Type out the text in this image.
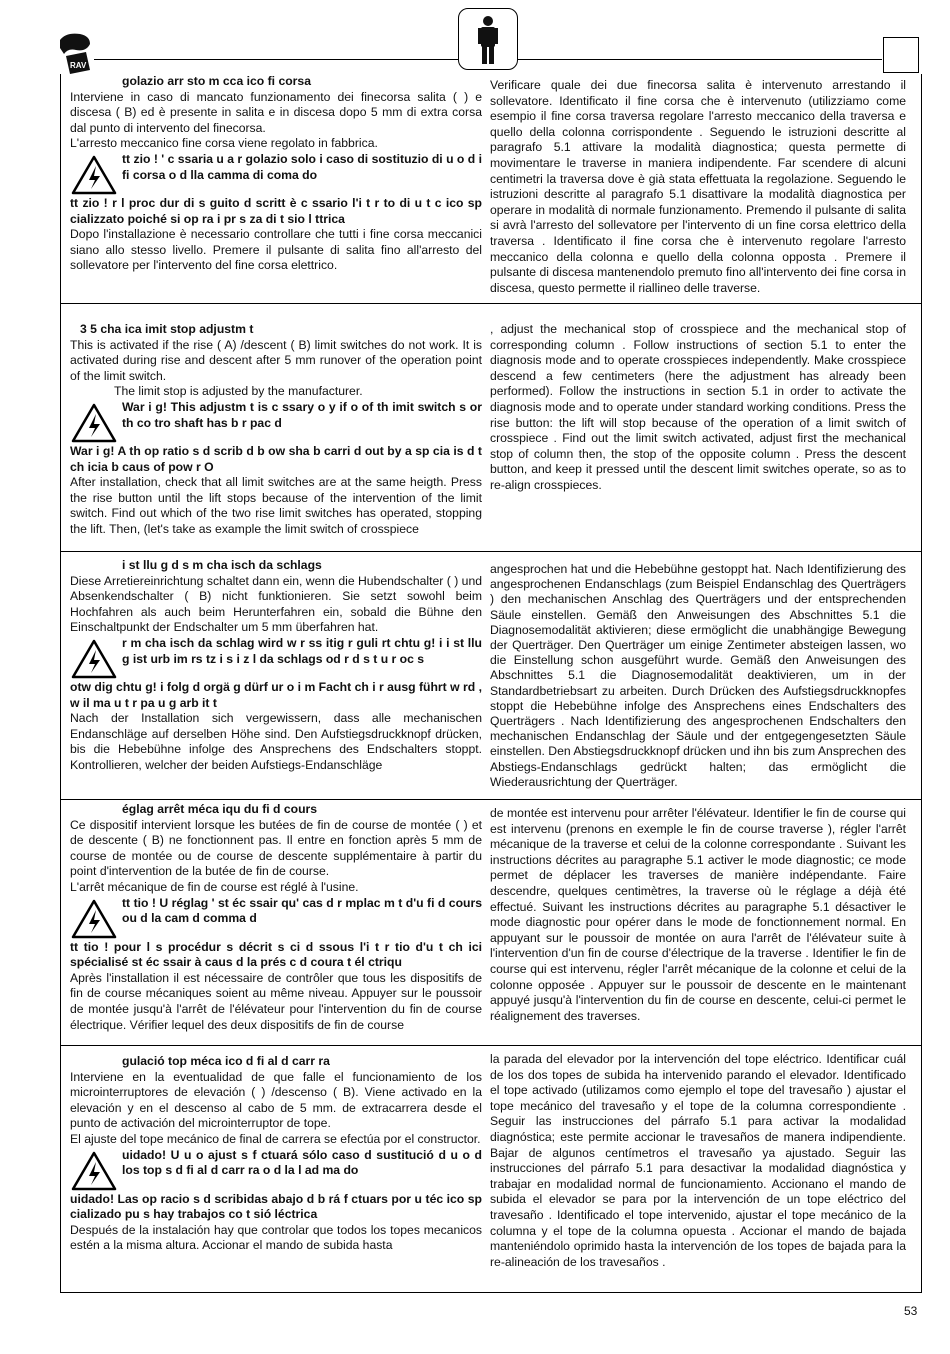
RAV

golazio arr sto m cca ico fi corsa

Interviene in caso di mancato funzionamento dei finecorsa salita ( ) e discesa ( B) ed è presente in salita e in discesa dopo 5 mm di extra corsa dal punto di intervento del finecorsa.

L'arresto meccanico fine corsa viene regolato in fabbrica.

tt zio ! ' c ssaria u a r golazio solo i caso di sostituzio di u o d i fi corsa o d lla camma di coma do

tt zio ! r l proc dur di s guito d scritt è c ssario l'i t r to di u t c ico sp cializzato poiché si op ra i pr s za di t sio l ttrica

Dopo l'installazione è necessario controllare che tutti i fine corsa meccanici siano allo stesso livello. Premere il pulsante di salita fino all'arresto del sollevatore per l'intervento del fine corsa elettrico.

Verificare quale dei due finecorsa salita è intervenuto arrestando il sollevatore. Identificato il fine corsa che è intervenuto (utilizziamo come esempio il fine corsa traversa regolare l'arresto meccanico della traversa e quello della colonna corrispondente . Seguendo le istruzioni descritte al paragrafo 5.1 attivare la modalità diagnostica; questa permette di movimentare le traverse in maniera indipendente. Far scendere di alcuni centimetri la traversa dove è già stata effettuata la regolazione. Seguendo le istruzioni descritte al paragrafo 5.1 disattivare la modalità diagnostica per operare in modalità di normale funzionamento. Premendo il pulsante di salita si avrà l'arresto del sollevatore per l'intervento di un fine corsa elettrico della traversa . Identificato il fine corsa che è intervenuto regolare l'arresto meccanico della colonna e quello della colonna opposta . Premere il pulsante di discesa mantenendolo premuto fino all'intervento dei fine corsa in discesa, questo permette il riallineo delle traverse.

3 5 cha ica imit stop adjustm t

This is activated if the rise ( A) /descent ( B) limit switches do not work. It is activated during rise and descent after 5 mm runover of the operation point of the limit switch.

The limit stop is adjusted by the manufacturer.

War i g! This adjustm t is c ssary o y if o of th imit switch s or th co tro shaft has b r pac d

War i g! A th op ratio s d scrib d b ow sha b carri d out by a sp cia is d t ch icia b caus of pow r O

After installation, check that all limit switches are at the same heigth. Press the rise button until the lift stops because of the intervention of the limit switch. Find out which of the two rise limit switches has operated, stopping the lift. Then, (let's take as example the limit switch of crosspiece

, adjust the mechanical stop of crosspiece and the mechanical stop of corresponding column . Follow instructions of section 5.1 to enter the diagnosis mode and to operate crosspieces independently. Make crosspiece descend a few centimeters (here the adjustment has already been performed). Follow the instructions in section 5.1 in order to activate the diagnosis mode and to operate under standard working conditions. Press the rise button: the lift will stop because of the operation of a limit switch of crosspiece . Find out the limit switch activated, adjust first the mechanical stop of column then, the stop of the opposite column . Press the descent button, and keep it pressed until the descent limit switches operate, so as to re-align crosspieces.

i st llu g d s m cha isch da schlags

Diese Arretiereinrichtung schaltet dann ein, wenn die Hubendschalter ( ) und Absenkendschalter ( B) nicht funktionieren. Sie setzt sowohl beim Hochfahren als auch beim Herunterfahren ein, sobald die Bühne den Einschaltpunkt der Endschalter um 5 mm überfahren hat.

r m cha isch da schlag wird w r ss itig r guli rt chtu g! i i st llu g ist urb im rs tz i s i z l da schlags od r d s t u r oc s

otw dig chtu g! i folg d orgä g dürf ur o i m Facht ch i r ausg führt w rd , w il ma u t r pa u g arb it t

Nach der Installation sich vergewissern, dass alle mechanischen Endanschläge auf derselben Höhe sind. Den Aufstiegsdruckknopf drücken, bis die Hebebühne infolge des Ansprechens des Endschalters stoppt. Kontrollieren, welcher der beiden Aufstiegs-Endanschläge

angesprochen hat und die Hebebühne gestoppt hat. Nach Identifizierung des angesprochenen Endanschlags (zum Beispiel Endanschlag des Querträgers ) den mechanischen Anschlag des Querträgers und der entsprechenden Säule einstellen. Gemäß den Anweisungen des Abschnittes 5.1 die Diagnosemodalität aktivieren; diese ermöglicht die unabhängige Bewegung der Querträger. Den Querträger um einige Zentimeter absteigen lassen, wo die Einstellung schon ausgeführt wurde. Gemäß den Anweisungen des Abschnittes 5.1 die Diagnosemodalität deaktivieren, um in der Standardbetriebsart zu arbeiten. Durch Drücken des Aufstiegsdruckknopfes stoppt die Hebebühne infolge des Ansprechens eines Endschalters des Querträgers . Nach Identifizierung des angesprochenen Endschalters den mechanischen Endanschlag der Säule und der entgegengesetzten Säule einstellen. Den Abstiegsdruckknopf drücken und ihn bis zum Ansprechen des Abstiegs-Endanschlags gedrückt halten; das ermöglicht die Wiederausrichtung der Querträger.

églag arrêt méca iqu du fi d cours

Ce dispositif intervient lorsque les butées de fin de course de montée ( ) et de descente ( B) ne fonctionnent pas. Il entre en fonction après 5 mm de course de montée ou de course de descente supplémentaire à partir du point d'intervention de la butée de fin de course.

L'arrêt mécanique de fin de course est réglé à l'usine.

tt tio ! U réglag ' st éc ssair qu' cas d r mplac m t d'u fi d cours ou d la cam d comma d

tt tio ! pour l s procédur s décrit s ci d ssous l'i t r tio d'u t ch ici spécialisé st éc ssair à caus d la prés c d coura t él ctriqu

Après l'installation il est nécessaire de contrôler que tous les dispositifs de fin de course mécaniques soient au même niveau. Appuyer sur le poussoir de montée jusqu'à l'arrêt de l'élévateur pour l'intervention du fin de course électrique. Vérifier lequel des deux dispositifs de fin de course

de montée est intervenu pour arrêter l'élévateur. Identifier le fin de course qui est intervenu (prenons en exemple le fin de course traverse ), régler l'arrêt mécanique de la traverse et celui de la colonne correspondante . Suivant les instructions décrites au paragraphe 5.1 activer le mode diagnostic; ce mode permet de déplacer les traverses de manière indépendante. Faire descendre, quelques centimètres, la traverse où le réglage a déjà été effectué. Suivant les instructions décrites au paragraphe 5.1 désactiver le mode diagnostic pour opérer dans le mode de fonctionnement normal. En appuyant sur le poussoir de montée on aura l'arrêt de l'élévateur suite à l'intervention d'un fin de course d'électrique de la traverse . Identifier le fin de course qui est intervenu, régler l'arrêt mécanique de la colonne et celui de la colonne opposée . Appuyer sur le poussoir de descente en le maintenant appuyé jusqu'à l'intervention du fin de course en descente, celui-ci permet le réalignement des traverses.

gulació top méca ico d fi al d carr ra

Interviene en la eventualidad de que falle el funcionamiento de los microinterruptores de elevación ( ) /descenso ( B). Viene activado en la elevación y en el descenso al cabo de 5 mm. de extracarrera desde el punto de activación del microinterruptor de tope.

El ajuste del tope mecánico de final de carrera se efectúa por el constructor.

uidado! U u o ajust s f ctuará sólo caso d sustitució d u o d los top s d fi al d carr ra o d la l ad ma do

uidado! Las op racio s d scribidas abajo d b rá f ctuars por u téc ico sp cializado pu s hay trabajos co t sió léctrica

Después de la instalación hay que controlar que todos los topes mecanicos estén a la misma altura. Accionar el mando de subida hasta

la parada del elevador por la intervención del tope eléctrico. Identificar cuál de los dos topes de subida ha intervenido parando el elevador. Identificado el tope activado (utilizamos como ejemplo el tope del travesaño ) ajustar el tope mecánico del travesaño y el tope de la columna correspondiente . Seguir las instrucciones del párrafo 5.1 para activar la modalidad diagnóstica; este permite accionar le travesaños de manera indipendiente. Bajar de algunos centímetros el travesaño ya ajustado. Seguir las instrucciones del párrafo 5.1 para desactivar la modalidad diagnóstica y trabajar en modalidad normal de funcionamiento. Accionano el mando de subida el elevador se para por la intervención de un tope eléctrico del travesaño . Identificado el tope intervenido, ajustar el tope mecánico de la columna y el tope de la columna opuesta . Accionar el mando de bajada manteniéndolo oprimido hasta la intervención de los topes de bajada para la re-alineación de los travesaños .

53
